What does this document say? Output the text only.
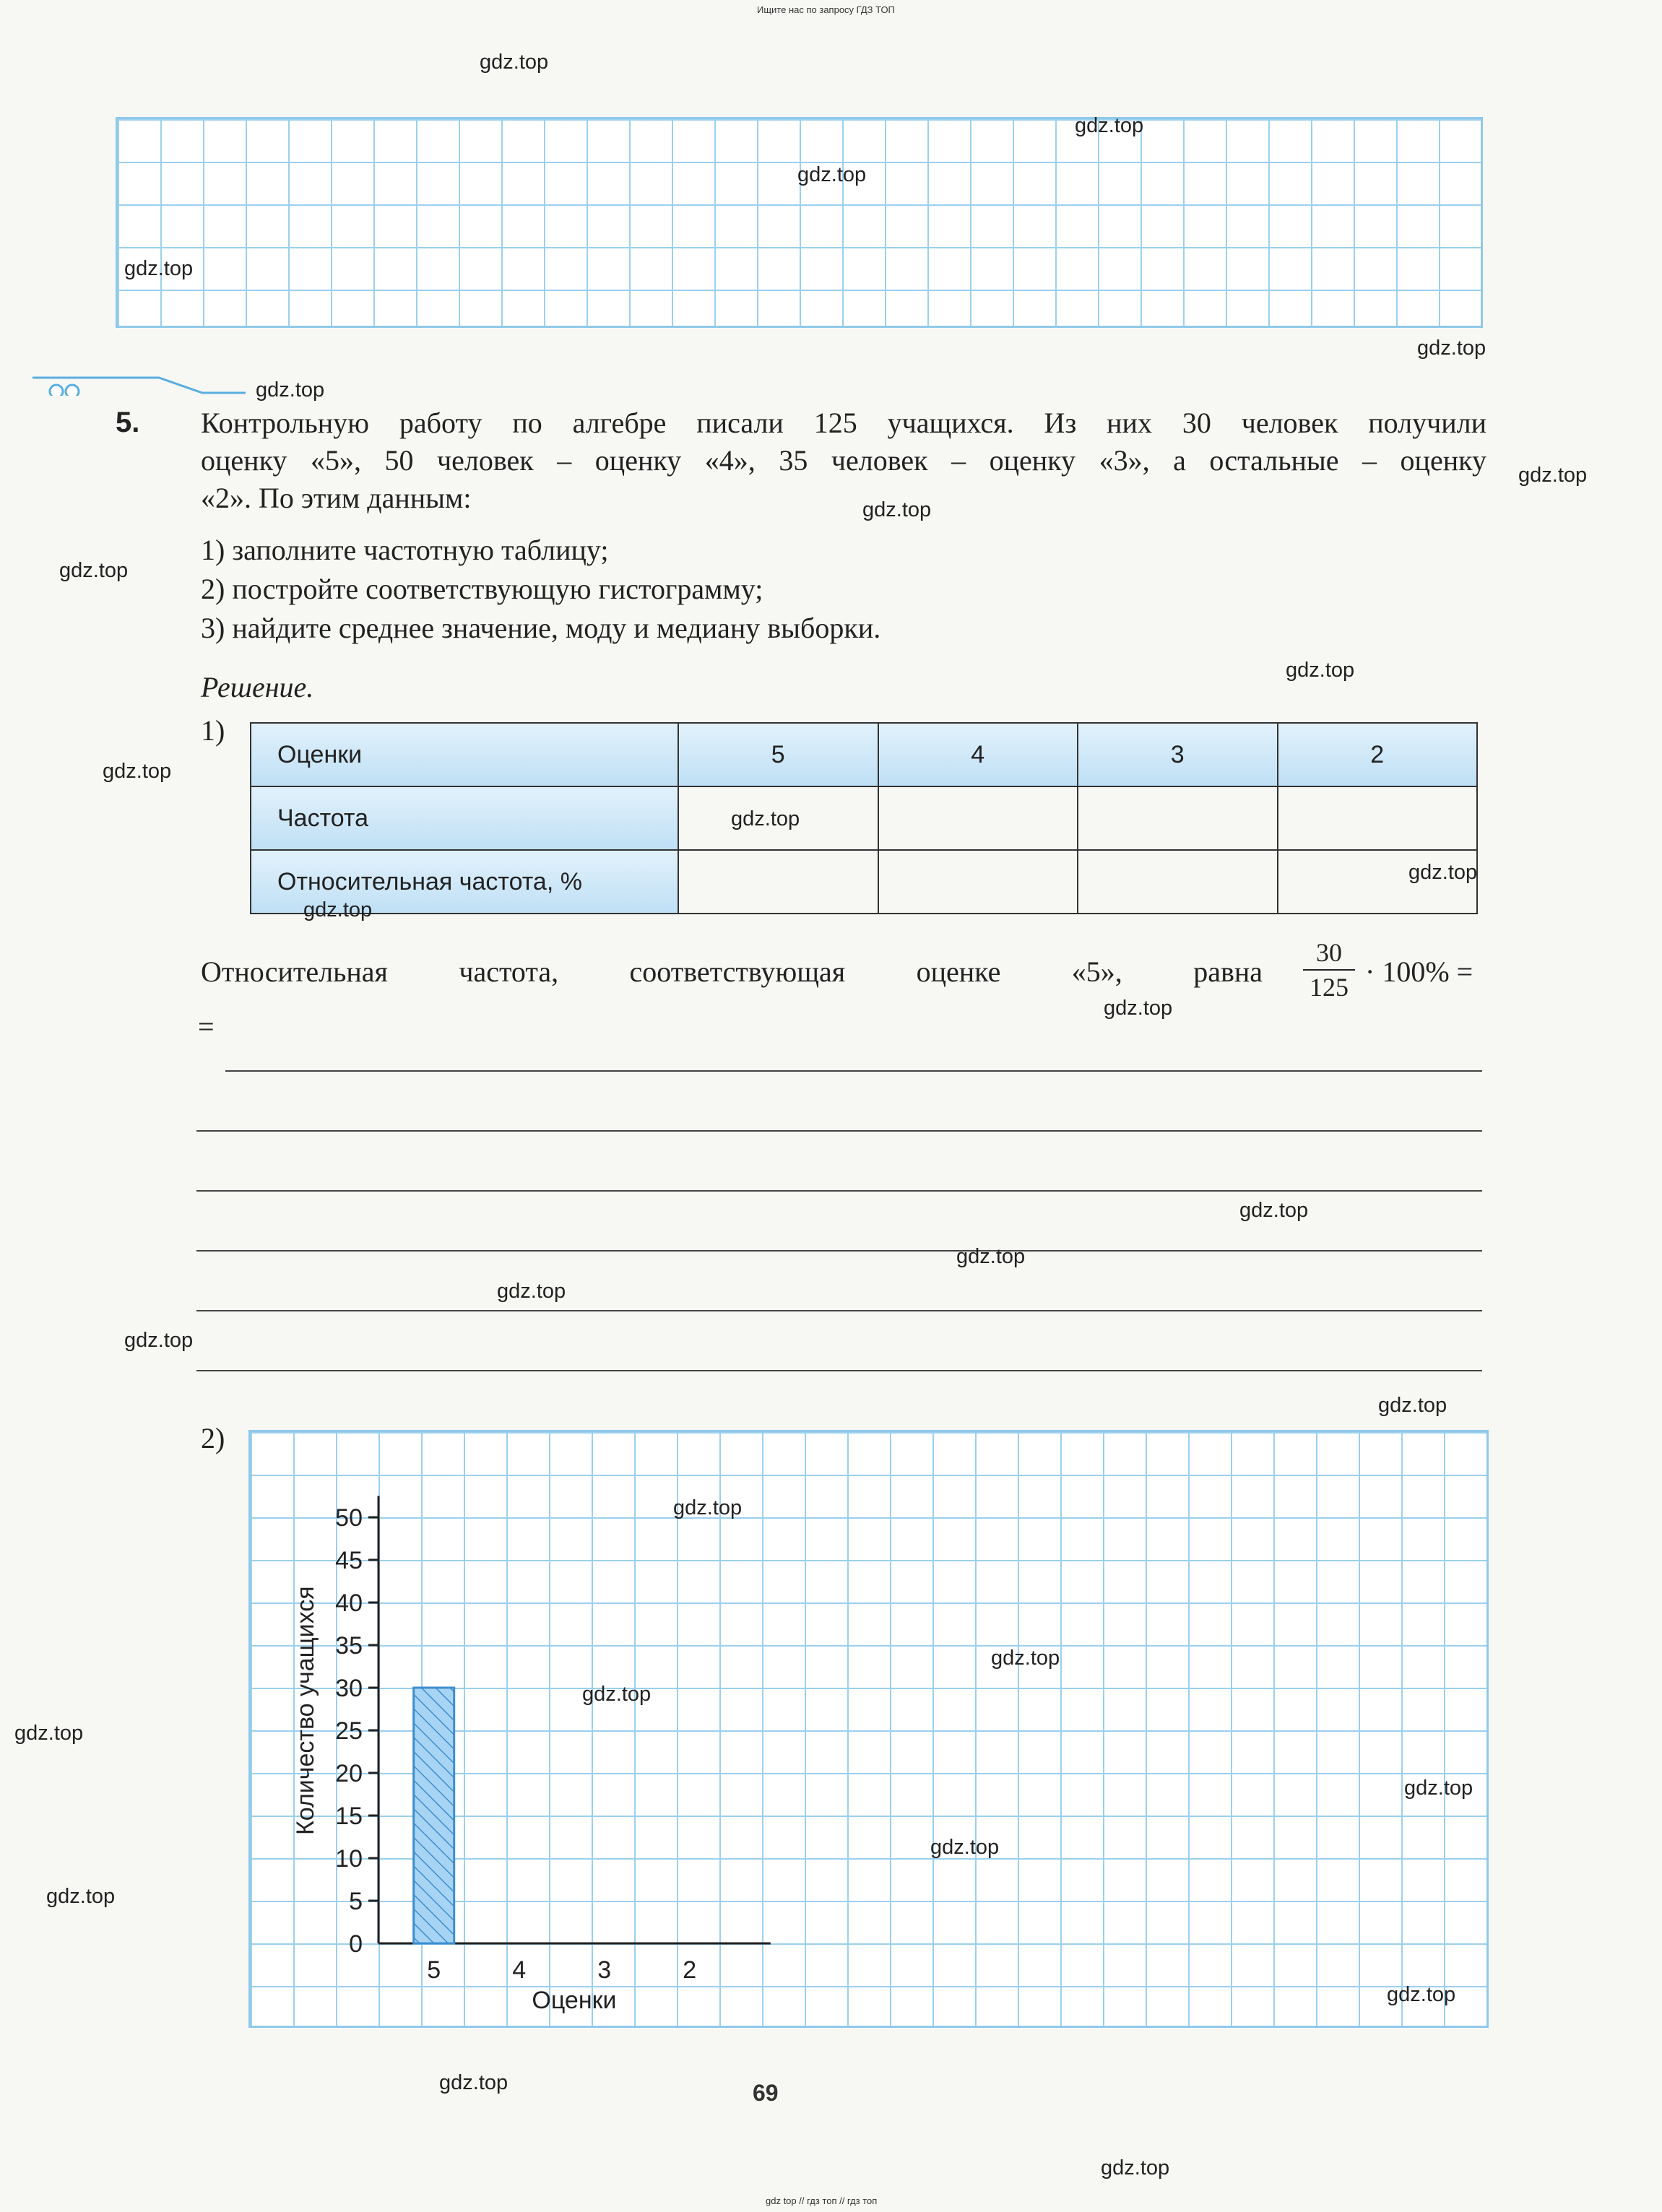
Ищите нас по запросу ГДЗ ТОП
5. Контрольную работу по алгебре писали 125 учащихся. Из них 30 человек получили
оценку «5», 50 человек – оценку «4», 35 человек – оценку «3», а остальные – оценку
«2». По этим данным:
1) заполните частотную таблицу;
2) постройте соответствующую гистограмму;
3) найдите среднее значение, моду и медиану выборки.
Решение.
1)
Оценки	5	4	3	2
Частота				
Относительная частота, %				
Относительная частота, соответствующая оценке «5», равна
30
125 · 100% =
=
2)
0
5
10
15
20
25
30
35
40
45
50
5	4	3	2
Оценки
Количество учащихся
69
gdz top // гдз топ // гдз топ
gdz.top
gdz.top
gdz.top
gdz.top
gdz.top
gdz.top
gdz.top
gdz.top
gdz.top
gdz.top
gdz.top
gdz.top
gdz.top
gdz.top
gdz.top
gdz.top
gdz.top
gdz.top
gdz.top
gdz.top
gdz.top
gdz.top
gdz.top
gdz.top
gdz.top
gdz.top
gdz.top
gdz.top
gdz.top
gdz.top
